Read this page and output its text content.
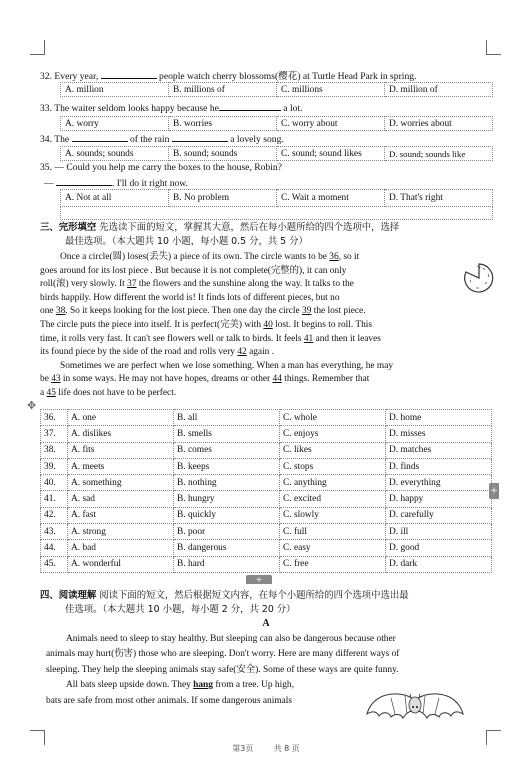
32. Every year,	people watch cherry blossoms(樱花) at Turtle Head Park in spring.
A. million	B. millions of	C. millions	D. million of
33. The waiter seldom looks happy because he	a lot.
A. worry	B. worries	C. worry about	D. worries about
34. The	of the rain	a lovely song.
A. sounds; sounds	B. sound; sounds	C. sound; sound likes	D. sound; sounds like
35. — Could you help me carry the boxes to the house, Robin?
—	. I'll do it right now.
A. Not at all	B. No problem	C. Wait a moment	D. That's right
三、完形填空 先选读下面的短文，掌握其大意，然后在每小题所给的四个选项中，选择
最佳选项。（本大题共 10 小题，每小题 0.5 分，共 5 分）
Once a circle(圆) loses(丢失) a piece of its own. The circle wants to be 36, so it
goes around for its lost piece . But because it is not complete(完整的), it can only
roll(滚) very slowly. It 37 the flowers and the sunshine along the way. It talks to the
birds happily. How different the world is! It finds lots of different pieces, but no
one 38. So it keeps looking for the lost piece. Then one day the circle 39 the lost piece.
The circle puts the piece into itself. It is perfect(完美) with 40 lost. It begins to roll. This
time, it rolls very fast. It can't see flowers well or talk to birds. It feels 41 and then it leaves
its found piece by the side of the road and rolls very 42 again .
Sometimes we are perfect when we lose something. When a man has everything, he may
be 43 in some ways. He may not have hopes, dreams or other 44 things. Remember that
a 45 life does not have to be perfect.
✥
36.	A. one	B. all	C. whole	D. home
37.	A. dislikes	B. smells	C. enjoys	D. misses
38.	A. fits	B. comes	C. likes	D. matches
39.	A. meets	B. keeps	C. stops	D. finds
40.	A. something	B. nothing	C. anything	D. everything
41.	A. sad	B. hungry	C. excited	D. happy
42.	A. fast	B. quickly	C. slowly	D. carefully
43.	A. strong	B. poor	C. full	D. ill
44.	A. bad	B. dangerous	C. easy	D. good
45.	A. wonderful	B. hard	C. free	D. dark
+
+
四、阅读理解 阅读下面的短文，然后根据短文内容，在每个小题所给的四个选项中选出最
佳选项。（本大题共 10 小题，每小题 2 分，共 20 分）
A
Animals need to sleep to stay healthy. But sleeping can also be dangerous because other
animals may hurt(伤害) those who are sleeping. Don't worry. Here are many different ways of
sleeping. They help the sleeping animals stay safe(安全). Some of these ways are quite funny.
All bats sleep upside down. They hang from a tree. Up high,
bats are safe from most other animals. If some dangerous animals
第3页	共 8 页
